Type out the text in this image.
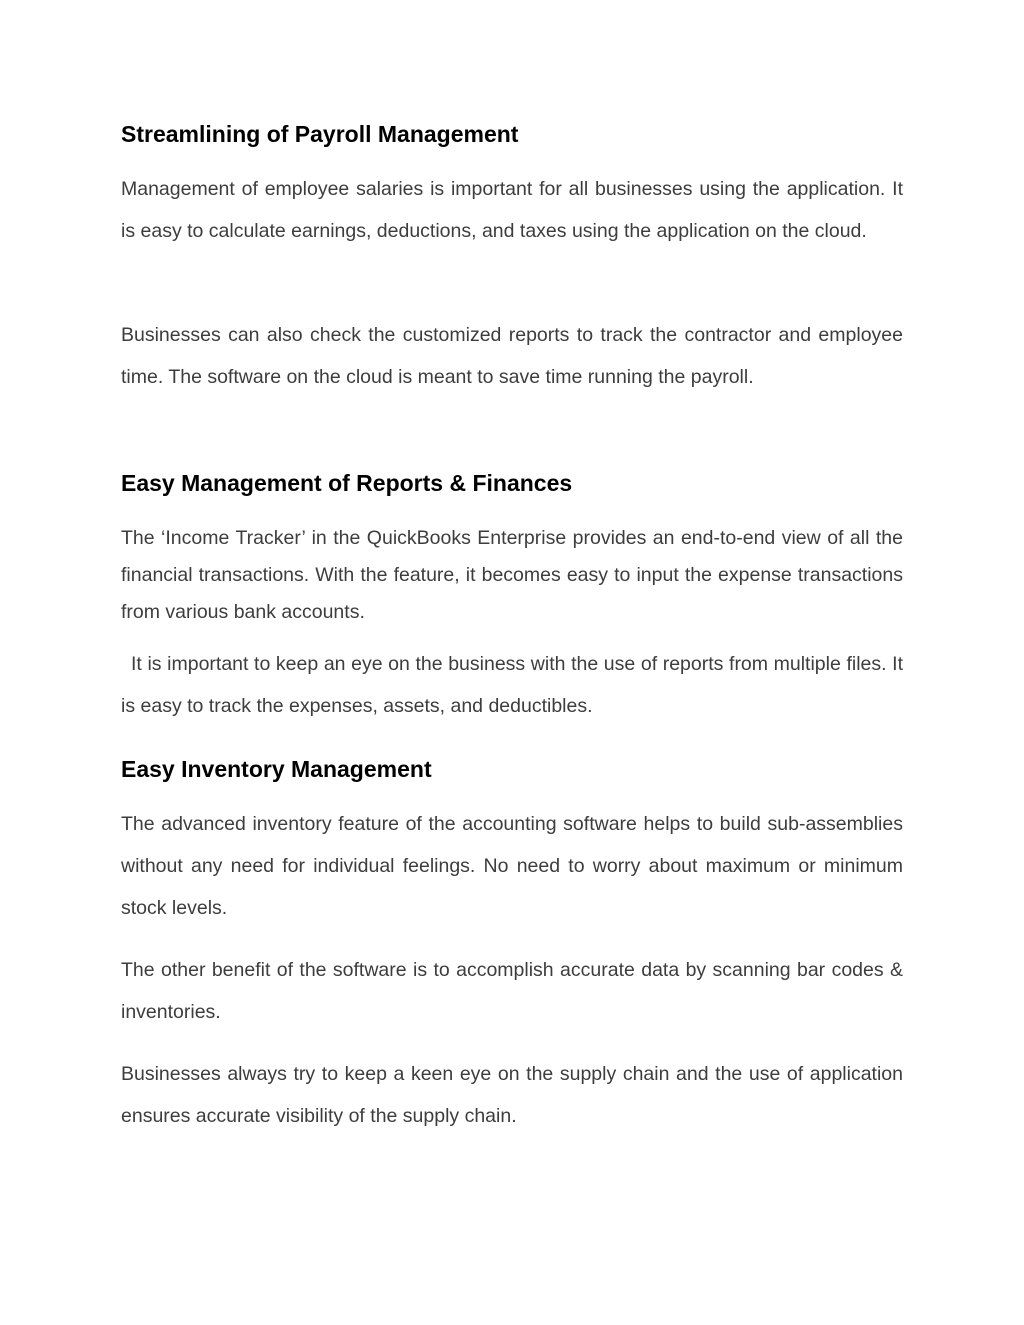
Streamlining of Payroll Management

Management of employee salaries is important for all businesses using the application. It is easy to calculate earnings, deductions, and taxes using the application on the cloud.

Businesses can also check the customized reports to track the contractor and employee time. The software on the cloud is meant to save time running the payroll.

Easy Management of Reports & Finances

The ‘Income Tracker’ in the QuickBooks Enterprise provides an end-to-end view of all the financial transactions. With the feature, it becomes easy to input the expense transactions from various bank accounts.

It is important to keep an eye on the business with the use of reports from multiple files. It is easy to track the expenses, assets, and deductibles.

Easy Inventory Management

The advanced inventory feature of the accounting software helps to build sub-assemblies without any need for individual feelings. No need to worry about maximum or minimum stock levels.

The other benefit of the software is to accomplish accurate data by scanning bar codes & inventories.

Businesses always try to keep a keen eye on the supply chain and the use of application ensures accurate visibility of the supply chain.
